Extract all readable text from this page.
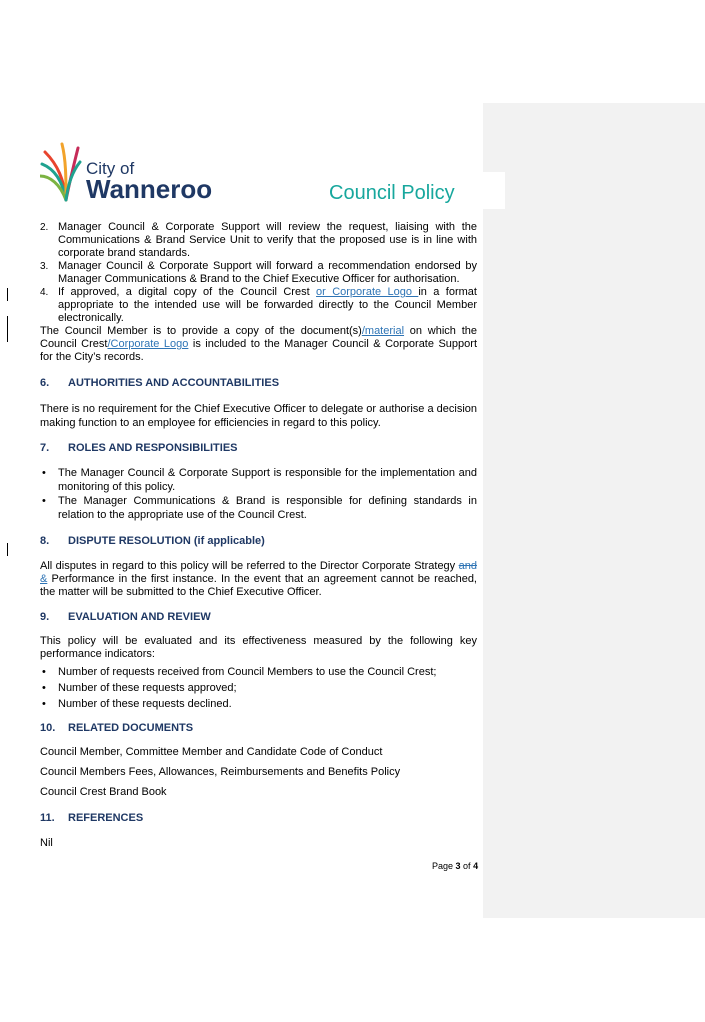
City of
Wanneroo	Council Policy
2. Manager Council & Corporate Support will review the request, liaising with the Communications & Brand Service Unit to verify that the proposed use is in line with corporate brand standards.
3. Manager Council & Corporate Support will forward a recommendation endorsed by Manager Communications & Brand to the Chief Executive Officer for authorisation.
4. If approved, a digital copy of the Council Crest or Corporate Logo in a format appropriate to the intended use will be forwarded directly to the Council Member electronically.

The Council Member is to provide a copy of the document(s)/material on which the Council Crest/Corporate Logo is included to the Manager Council & Corporate Support for the City’s records.

6. AUTHORITIES AND ACCOUNTABILITIES

There is no requirement for the Chief Executive Officer to delegate or authorise a decision making function to an employee for efficiencies in regard to this policy.

7. ROLES AND RESPONSIBILITIES
• The Manager Council & Corporate Support is responsible for the implementation and monitoring of this policy.
• The Manager Communications & Brand is responsible for defining standards in relation to the appropriate use of the Council Crest.
8. DISPUTE RESOLUTION (if applicable)

All disputes in regard to this policy will be referred to the Director Corporate Strategy and & Performance in the first instance. In the event that an agreement cannot be reached, the matter will be submitted to the Chief Executive Officer.

9. EVALUATION AND REVIEW

This policy will be evaluated and its effectiveness measured by the following key performance indicators:

• Number of requests received from Council Members to use the Council Crest;
• Number of these requests approved;
• Number of these requests declined.
10. RELATED DOCUMENTS

Council Member, Committee Member and Candidate Code of Conduct

Council Members Fees, Allowances, Reimbursements and Benefits Policy

Council Crest Brand Book

11. REFERENCES

Nil

Page 3 of 4
